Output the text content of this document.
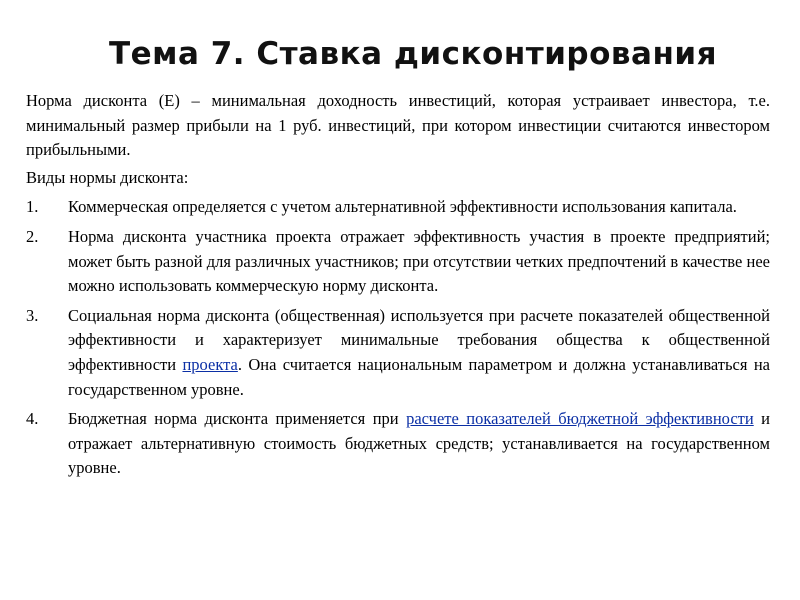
Тема 7. Ставка дисконтирования

Норма дисконта (Е) – минимальная доходность инвестиций, которая устраивает инвестора, т.е. минимальный размер прибыли на 1 руб. инвестиций, при котором инвестиции считаются инвестором прибыльными.

Виды нормы дисконта:

1.	Коммерческая определяется с учетом альтернативной эффективности использования капитала.
2.	Норма дисконта участника проекта отражает эффективность участия в проекте предприятий; может быть разной для различных участников; при отсутствии четких предпочтений в качестве нее можно использовать коммерческую норму дисконта.
3.	Социальная норма дисконта (общественная) используется при расчете показателей общественной эффективности и характеризует минимальные требования общества к общественной эффективности проекта. Она считается национальным параметром и должна устанавливаться на государственном уровне.
4.	Бюджетная норма дисконта применяется при расчете показателей бюджетной эффективности и отражает альтернативную стоимость бюджетных средств; устанавливается на государственном уровне.
